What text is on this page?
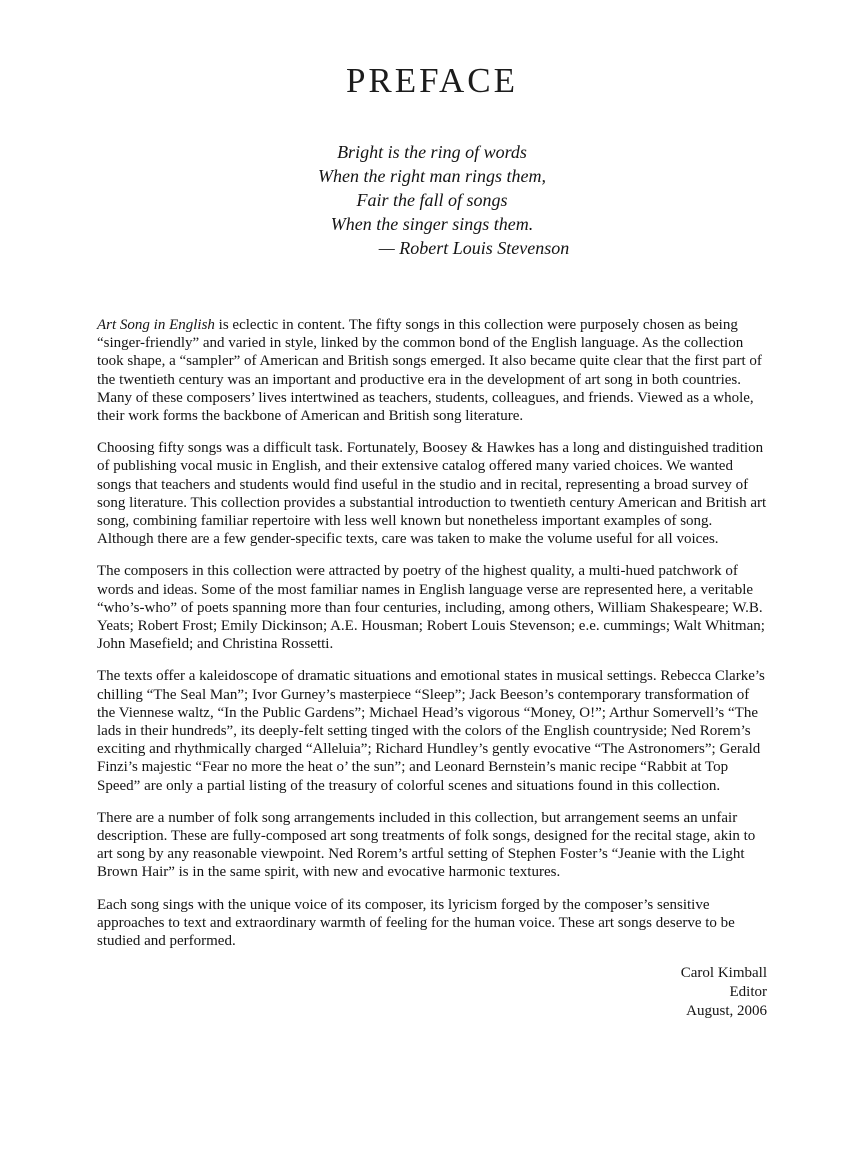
PREFACE
Bright is the ring of words
When the right man rings them,
Fair the fall of songs
When the singer sings them.
— Robert Louis Stevenson

Art Song in English is eclectic in content. The fifty songs in this collection were purposely chosen as being “singer-friendly” and varied in style, linked by the common bond of the English language. As the collection took shape, a “sampler” of American and British songs emerged. It also became quite clear that the first part of the twentieth century was an important and productive era in the development of art song in both countries. Many of these composers’ lives intertwined as teachers, students, colleagues, and friends. Viewed as a whole, their work forms the backbone of American and British song literature.

Choosing fifty songs was a difficult task. Fortunately, Boosey & Hawkes has a long and distinguished tradition of publishing vocal music in English, and their extensive catalog offered many varied choices. We wanted songs that teachers and students would find useful in the studio and in recital, representing a broad survey of song literature. This collection provides a substantial introduction to twentieth century American and British art song, combining familiar repertoire with less well known but nonetheless important examples of song. Although there are a few gender-specific texts, care was taken to make the volume useful for all voices.

The composers in this collection were attracted by poetry of the highest quality, a multi-hued patchwork of words and ideas. Some of the most familiar names in English language verse are represented here, a veritable “who’s-who” of poets spanning more than four centuries, including, among others, William Shakespeare; W.B. Yeats; Robert Frost; Emily Dickinson; A.E. Housman; Robert Louis Stevenson; e.e. cummings; Walt Whitman; John Masefield; and Christina Rossetti.

The texts offer a kaleidoscope of dramatic situations and emotional states in musical settings. Rebecca Clarke’s chilling “The Seal Man”; Ivor Gurney’s masterpiece “Sleep”; Jack Beeson’s contemporary transformation of the Viennese waltz, “In the Public Gardens”; Michael Head’s vigorous “Money, O!”; Arthur Somervell’s “The lads in their hundreds”, its deeply-felt setting tinged with the colors of the English countryside; Ned Rorem’s exciting and rhythmically charged “Alleluia”; Richard Hundley’s gently evocative “The Astronomers”; Gerald Finzi’s majestic “Fear no more the heat o’ the sun”; and Leonard Bernstein’s manic recipe “Rabbit at Top Speed” are only a partial listing of the treasury of colorful scenes and situations found in this collection.

There are a number of folk song arrangements included in this collection, but arrangement seems an unfair description. These are fully-composed art song treatments of folk songs, designed for the recital stage, akin to art song by any reasonable viewpoint. Ned Rorem’s artful setting of Stephen Foster’s “Jeanie with the Light Brown Hair” is in the same spirit, with new and evocative harmonic textures.

Each song sings with the unique voice of its composer, its lyricism forged by the composer’s sensitive approaches to text and extraordinary warmth of feeling for the human voice. These art songs deserve to be studied and performed.

Carol Kimball
Editor
August, 2006
